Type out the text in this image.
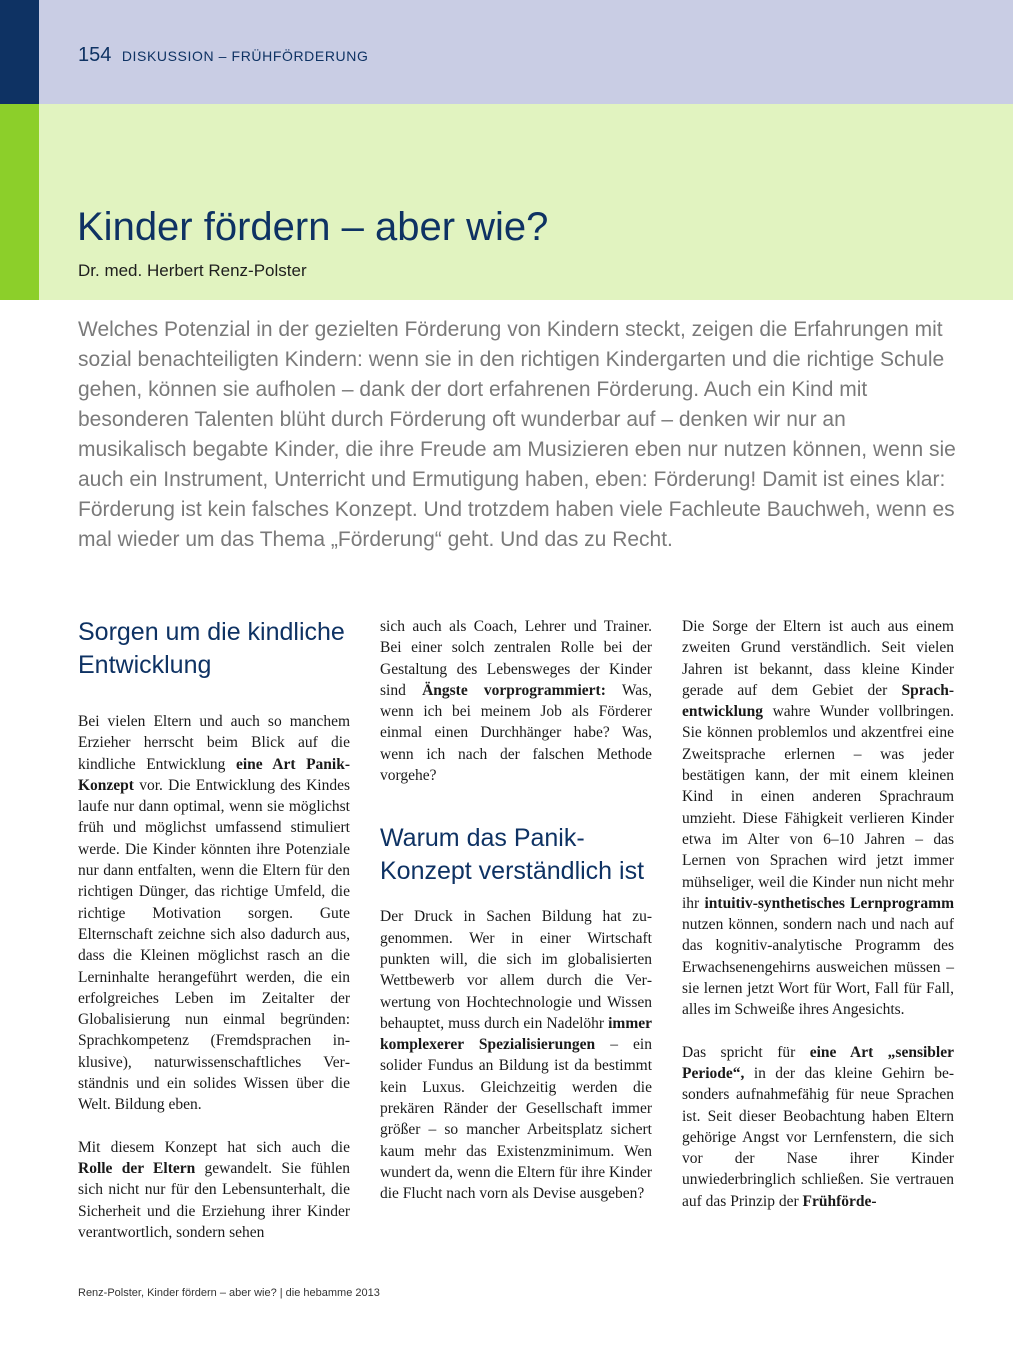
154 DISKUSSION – FRÜHFÖRDERUNG
Kinder fördern – aber wie?
Dr. med. Herbert Renz-Polster

Welches Potenzial in der gezielten Förderung von Kindern steckt, zeigen die Erfahrungen mit sozial benachteiligten Kindern: wenn sie in den richtigen Kindergarten und die richtige Schule gehen, können sie aufholen – dank der dort erfahrenen Förderung. Auch ein Kind mit besonderen Talenten blüht durch Förderung oft wunderbar auf – denken wir nur an musikalisch begabte Kinder, die ihre Freude am Musizieren eben nur nutzen können, wenn sie auch ein Instrument, Unterricht und Ermutigung haben, eben: Förderung! Damit ist eines klar: Förderung ist kein falsches Konzept. Und trotzdem haben viele Fachleute Bauchweh, wenn es mal wieder um das Thema „Förderung“ geht. Und das zu Recht.

Sorgen um die kindliche Entwicklung

Bei vielen Eltern und auch so manchem Erzieher herrscht beim Blick auf die kindliche Entwicklung eine Art Panik-Konzept vor. Die Entwicklung des Kindes laufe nur dann optimal, wenn sie möglichst früh und möglichst umfassend stimuliert werde. Die Kinder könnten ihre Potenziale nur dann entfalten, wenn die Eltern für den richtigen Dünger, das richtige Umfeld, die richtige Motivation sorgen. Gute Elternschaft zeichne sich also dadurch aus, dass die Kleinen möglichst rasch an die Lerninhalte herangeführt werden, die ein erfolgreiches Leben im Zeitalter der Globalisierung nun einmal begründen: Sprachkompetenz (Fremdsprachen inklusive), naturwissenschaftliches Verständnis und ein solides Wissen über die Welt. Bildung eben.

Mit diesem Konzept hat sich auch die Rolle der Eltern gewandelt. Sie fühlen sich nicht nur für den Lebensunterhalt, die Sicherheit und die Erziehung ihrer Kinder verantwortlich, sondern sehen

sich auch als Coach, Lehrer und Trainer. Bei einer solch zentralen Rolle bei der Gestaltung des Lebensweges der Kinder sind Ängste vorprogrammiert: Was, wenn ich bei meinem Job als Förderer einmal einen Durchhänger habe? Was, wenn ich nach der falschen Methode vorgehe?

Warum das Panik-Konzept verständlich ist

Der Druck in Sachen Bildung hat zugenommen. Wer in einer Wirtschaft punkten will, die sich im globalisierten Wettbewerb vor allem durch die Verwertung von Hochtechnologie und Wissen behauptet, muss durch ein Nadelöhr immer komplexerer Spezialisierungen – ein solider Fundus an Bildung ist da bestimmt kein Luxus. Gleichzeitig werden die prekären Ränder der Gesellschaft immer größer – so mancher Arbeitsplatz sichert kaum mehr das Existenzminimum. Wen wundert da, wenn die Eltern für ihre Kinder die Flucht nach vorn als Devise ausgeben?

Die Sorge der Eltern ist auch aus einem zweiten Grund verständlich. Seit vielen Jahren ist bekannt, dass kleine Kinder gerade auf dem Gebiet der Sprachentwicklung wahre Wunder vollbringen. Sie können problemlos und akzentfrei eine Zweitsprache erlernen – was jeder bestätigen kann, der mit einem kleinen Kind in einen anderen Sprachraum umzieht. Diese Fähigkeit verlieren Kinder etwa im Alter von 6–10 Jahren – das Lernen von Sprachen wird jetzt immer mühseliger, weil die Kinder nun nicht mehr ihr intuitiv-synthetisches Lernprogramm nutzen können, sondern nach und nach auf das kognitiv-analytische Programm des Erwachsenengehirns ausweichen müssen – sie lernen jetzt Wort für Wort, Fall für Fall, alles im Schweiße ihres Angesichts.

Das spricht für eine Art „sensibler Periode“, in der das kleine Gehirn besonders aufnahmefähig für neue Sprachen ist. Seit dieser Beobachtung haben Eltern gehörige Angst vor Lernfenstern, die sich vor der Nase ihrer Kinder unwiederbringlich schließen. Sie vertrauen auf das Prinzip der Frühförde-

Renz-Polster, Kinder fördern – aber wie? | die hebamme 2013
